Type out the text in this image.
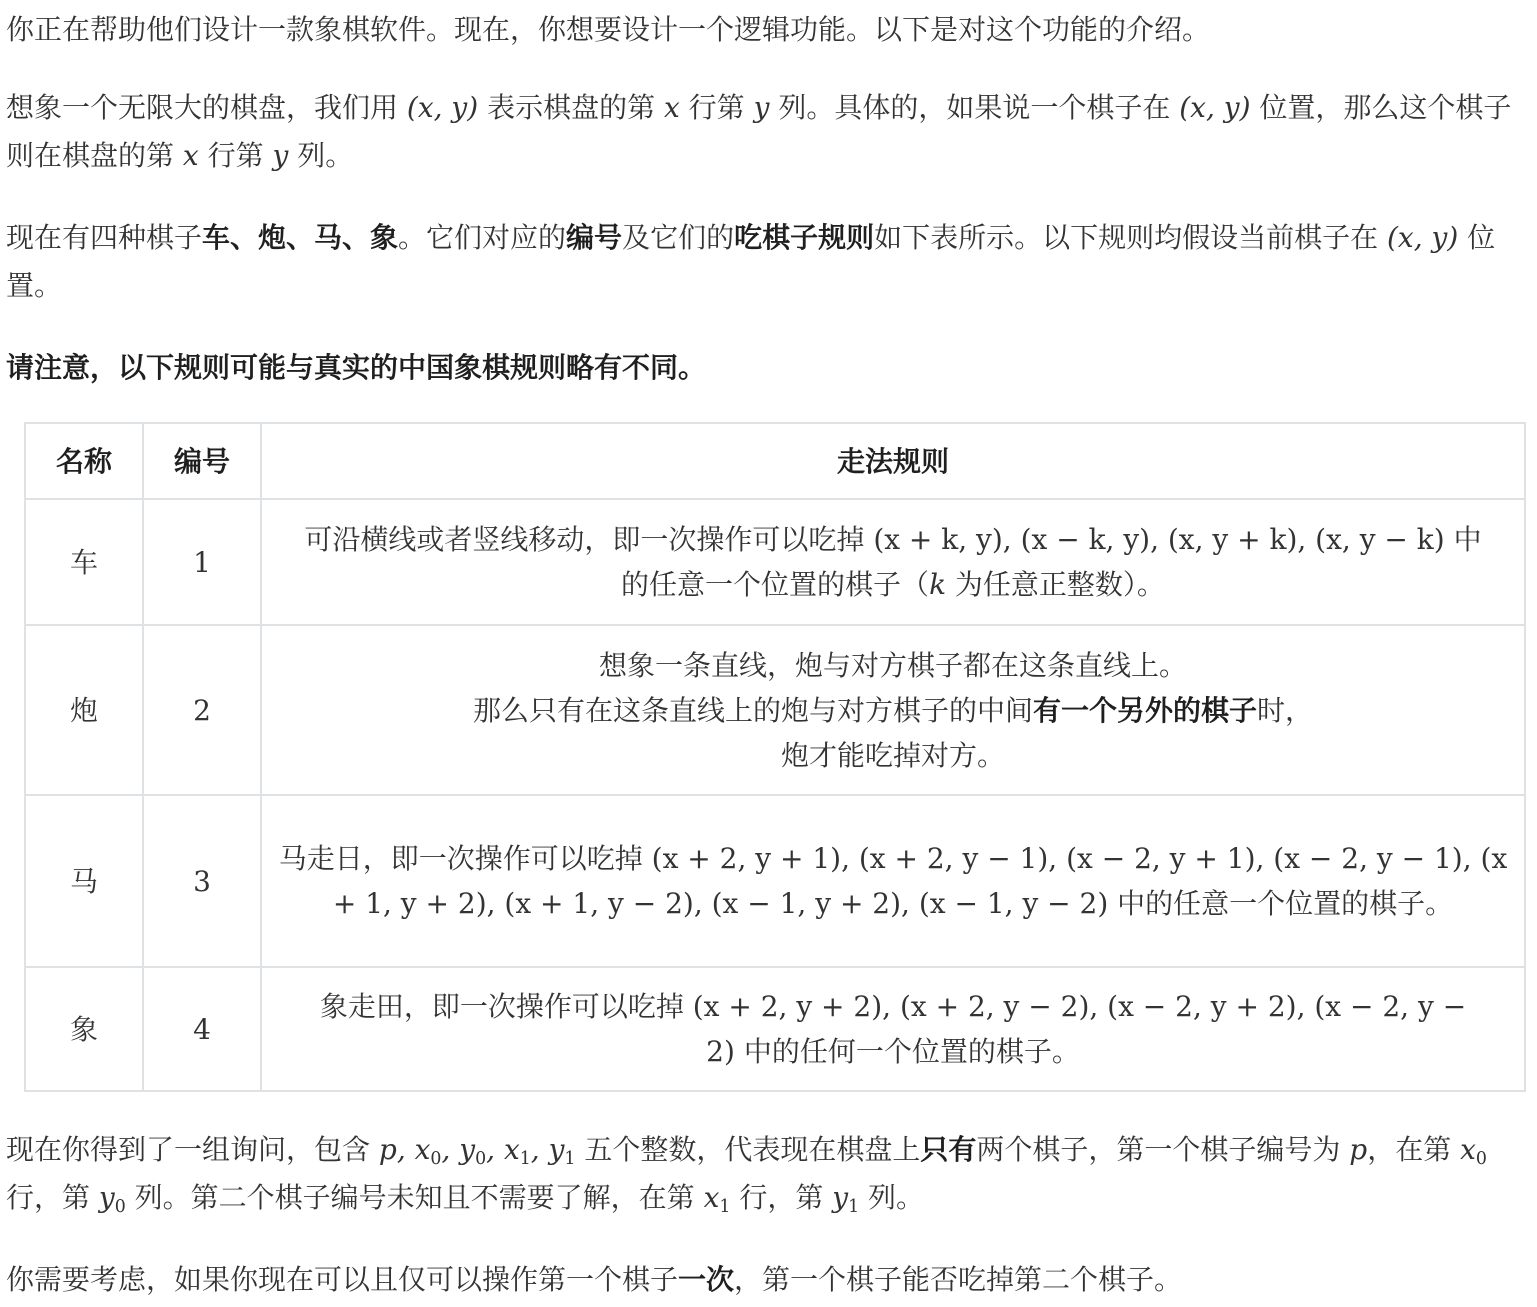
你正在帮助他们设计一款象棋软件。现在，你想要设计一个逻辑功能。以下是对这个功能的介绍。

想象一个无限大的棋盘，我们用 (x, y) 表示棋盘的第 x 行第 y 列。具体的，如果说一个棋子在 (x, y) 位置，那么这个棋子则在棋盘的第 x 行第 y 列。

现在有四种棋子车、炮、马、象。它们对应的编号及它们的吃棋子规则如下表所示。以下规则均假设当前棋子在 (x, y) 位置。

请注意，以下规则可能与真实的中国象棋规则略有不同。

名称	编号	走法规则
车	1	可沿横线或者竖线移动，即一次操作可以吃掉 (x + k, y), (x − k, y), (x, y + k), (x, y − k) 中的任意一个位置的棋子（k 为任意正整数）。
炮	2	想象一条直线，炮与对方棋子都在这条直线上。
那么只有在这条直线上的炮与对方棋子的中间有一个另外的棋子时，
炮才能吃掉对方。
马	3	马走日，即一次操作可以吃掉 (x + 2, y + 1), (x + 2, y − 1), (x − 2, y + 1), (x − 2, y − 1), (x + 1, y + 2), (x + 1, y − 2), (x − 1, y + 2), (x − 1, y − 2) 中的任意一个位置的棋子。
象	4	象走田，即一次操作可以吃掉 (x + 2, y + 2), (x + 2, y − 2), (x − 2, y + 2), (x − 2, y − 2) 中的任何一个位置的棋子。

现在你得到了一组询问，包含 p, $x_0$, $y_0$, $x_1$, $y_1$ 五个整数，代表现在棋盘上只有两个棋子，第一个棋子编号为 p，在第 $x_0$ 行，第 $y_0$ 列。第二个棋子编号未知且不需要了解，在第 $x_1$ 行，第 $y_1$ 列。

你需要考虑，如果你现在可以且仅可以操作第一个棋子一次，第一个棋子能否吃掉第二个棋子。
